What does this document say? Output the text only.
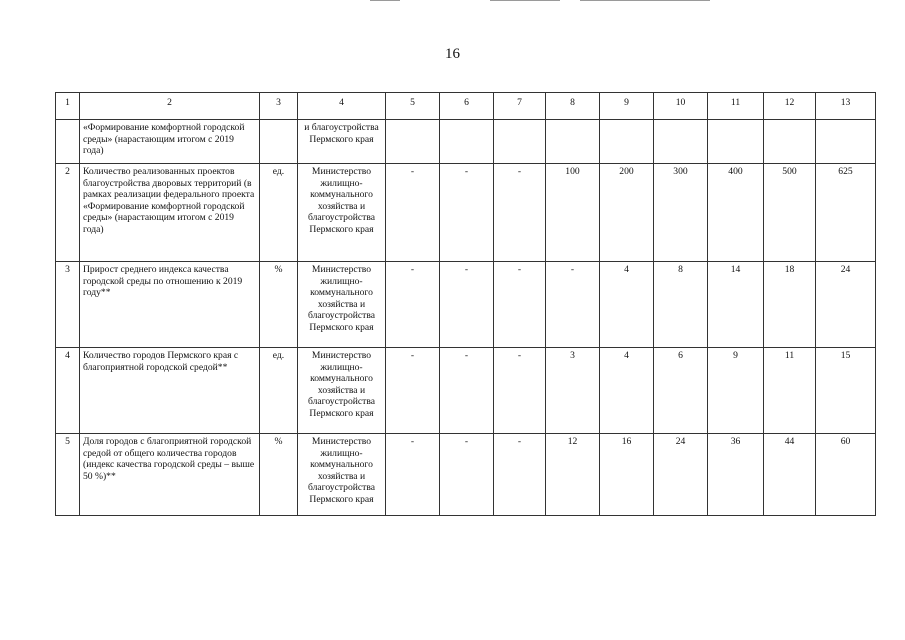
16
1	2	3	4	5	6	7	8	9	10	11	12	13
	«Формирование комфортной городской среды» (нарастающим итогом с 2019 года)		и благоустройства Пермского края									
2	Количество реализованных проектов благоустройства дворовых территорий (в рамках реализации федерального проекта «Формирование комфортной городской среды» (нарастающим итогом с 2019 года)	ед.	Министерство жилищно-коммунального хозяйства и благоустройства Пермского края	-	-	-	100	200	300	400	500	625
3	Прирост среднего индекса качества городской среды по отношению к 2019 году**	%	Министерство жилищно-коммунального хозяйства и благоустройства Пермского края	-	-	-	-	4	8	14	18	24
4	Количество городов Пермского края с благоприятной городской средой**	ед.	Министерство жилищно-коммунального хозяйства и благоустройства Пермского края	-	-	-	3	4	6	9	11	15
5	Доля городов с благоприятной городской средой от общего количества городов (индекс качества городской среды – выше 50 %)**	%	Министерство жилищно-коммунального хозяйства и благоустройства Пермского края	-	-	-	12	16	24	36	44	60
